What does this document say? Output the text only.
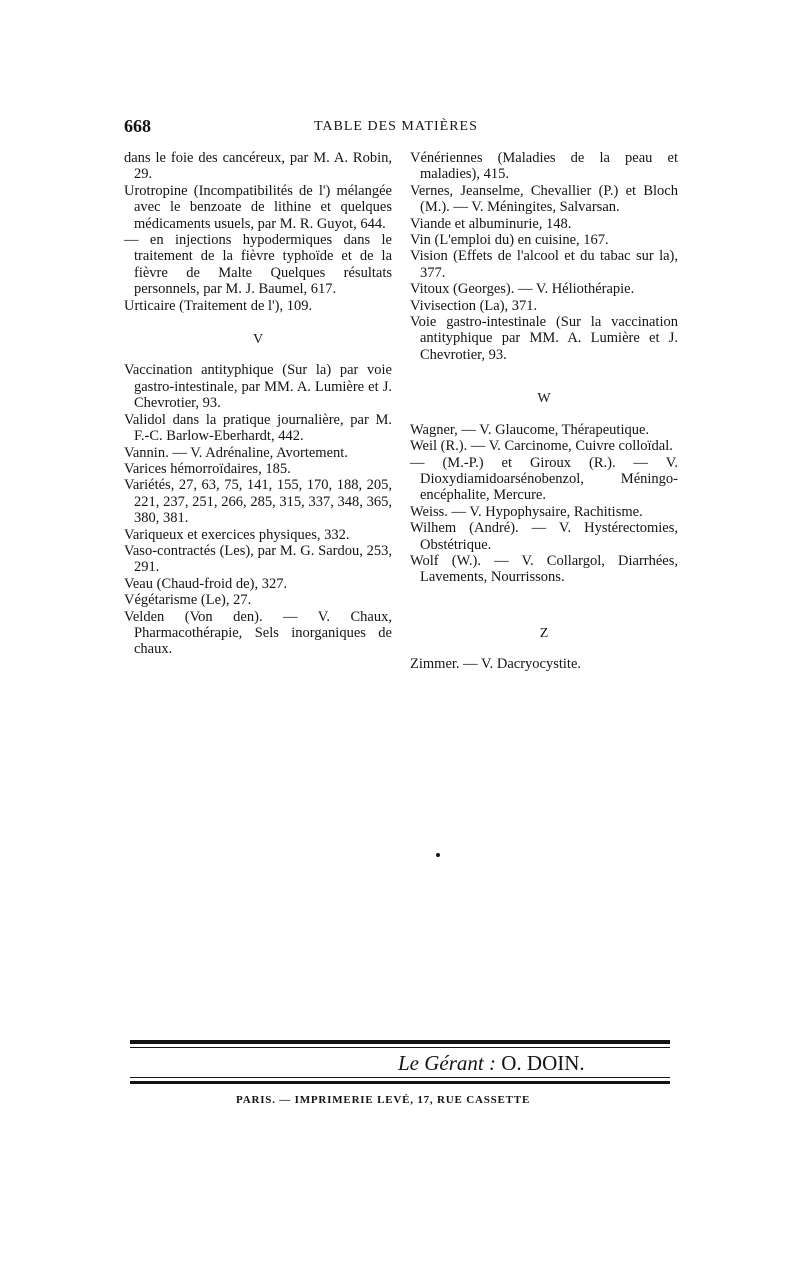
668	TABLE DES MATIÈRES

dans le foie des cancéreux, par M. A. Robin, 29.

Urotropine (Incompatibilités de l') mélangée avec le benzoate de lithine et quelques médicaments usuels, par M. R. Guyot, 644.

— en injections hypodermiques dans le traitement de la fièvre typhoïde et de la fièvre de Malte Quelques résultats personnels, par M. J. Baumel, 617.

Urticaire (Traitement de l'), 109.

V

Vaccination antityphique (Sur la) par voie gastro-intestinale, par MM. A. Lumière et J. Chevrotier, 93.

Validol dans la pratique journalière, par M. F.-C. Barlow-Eberhardt, 442.

Vannin. — V. Adrénaline, Avortement.

Varices hémorroïdaires, 185.

Variétés, 27, 63, 75, 141, 155, 170, 188, 205, 221, 237, 251, 266, 285, 315, 337, 348, 365, 380, 381.

Variqueux et exercices physiques, 332.

Vaso-contractés (Les), par M. G. Sardou, 253, 291.

Veau (Chaud-froid de), 327.

Végétarisme (Le), 27.

Velden (Von den). — V. Chaux, Pharmacothérapie, Sels inorganiques de chaux.

Vénériennes (Maladies de la peau et maladies), 415.

Vernes, Jeanselme, Chevallier (P.) et Bloch (M.). — V. Méningites, Salvarsan.

Viande et albuminurie, 148.

Vin (L'emploi du) en cuisine, 167.

Vision (Effets de l'alcool et du tabac sur la), 377.

Vitoux (Georges). — V. Héliothérapie.

Vivisection (La), 371.

Voie gastro-intestinale (Sur la vaccination antityphique par MM. A. Lumière et J. Chevrotier, 93.

W

Wagner, — V. Glaucome, Thérapeutique.

Weil (R.). — V. Carcinome, Cuivre colloïdal.

— (M.-P.) et Giroux (R.). — V. Dioxydiamidoarsénobenzol, Méningo-encéphalite, Mercure.

Weiss. — V. Hypophysaire, Rachitisme.

Wilhem (André). — V. Hystérectomies, Obstétrique.

Wolf (W.). — V. Collargol, Diarrhées, Lavements, Nourrissons.

Z

Zimmer. — V. Dacryocystite.

Le Gérant : O. DOIN.
PARIS. — IMPRIMERIE LEVÉ, 17, RUE CASSETTE
